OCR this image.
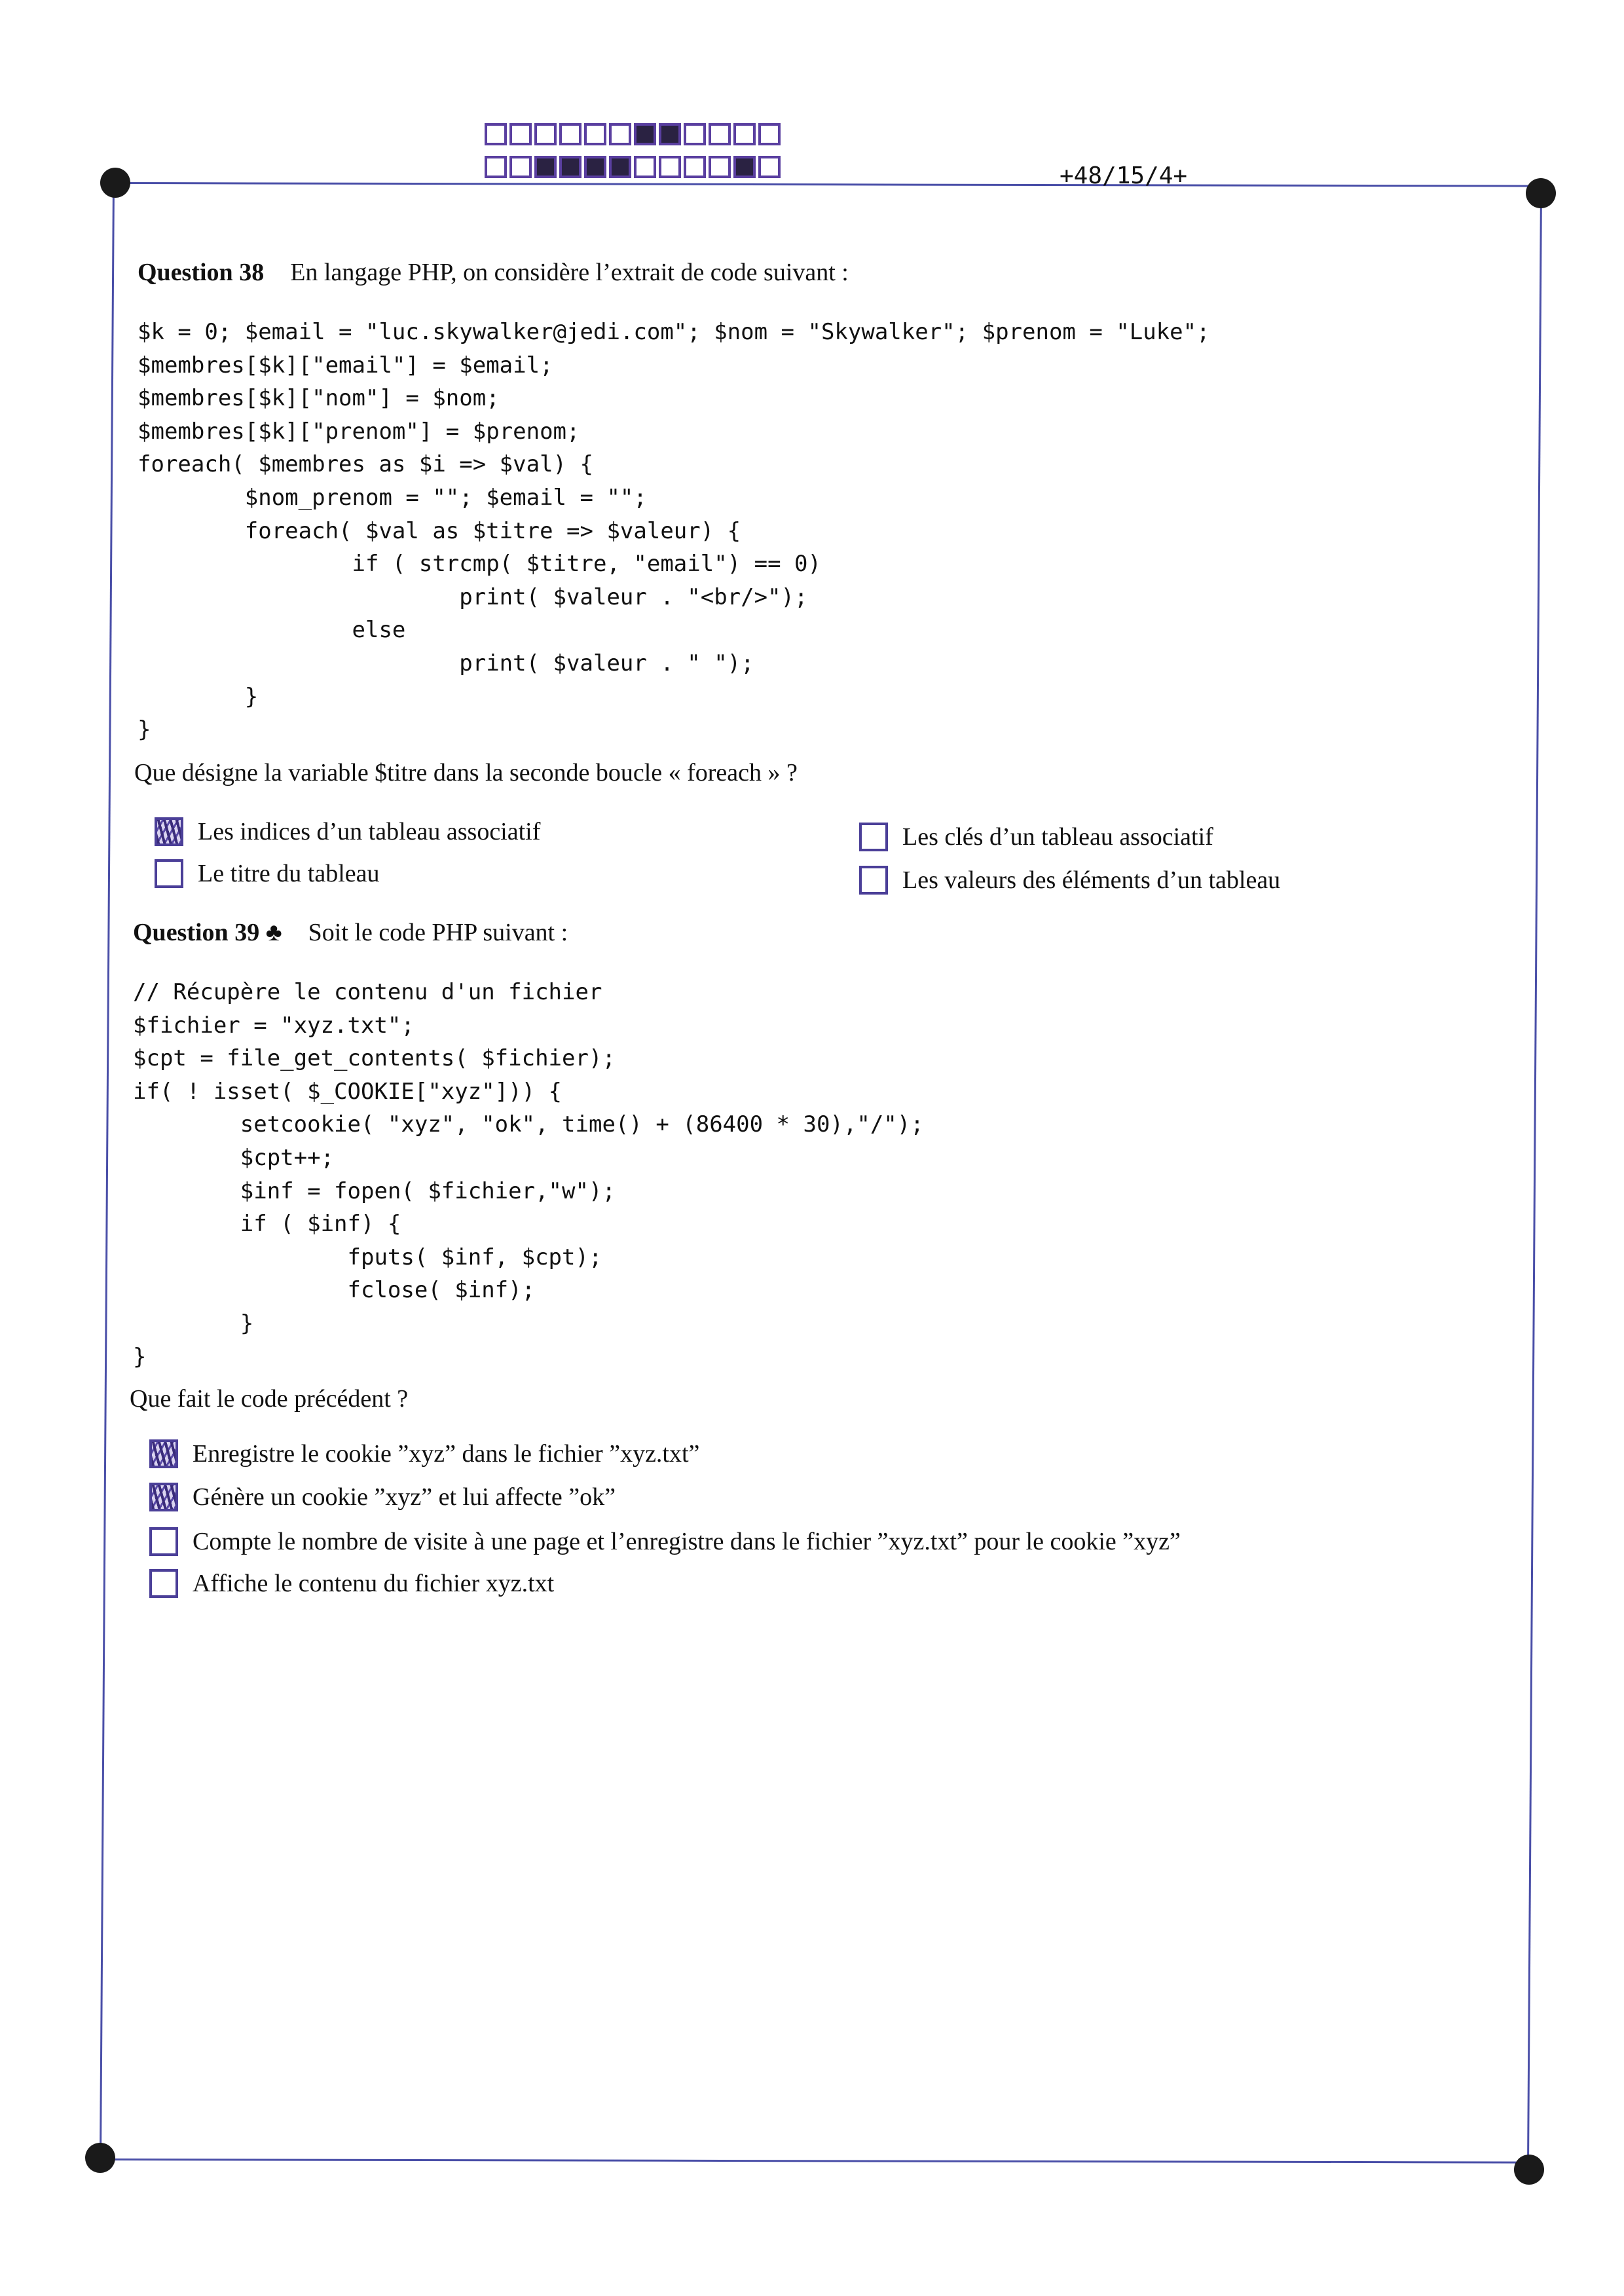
+48/15/4+
Question 38 En langage PHP, on considère l’extrait de code suivant :
$k = 0; $email = "luc.skywalker@jedi.com"; $nom = "Skywalker"; $prenom = "Luke";
$membres[$k]["email"] = $email;
$membres[$k]["nom"] = $nom;
$membres[$k]["prenom"] = $prenom;
foreach( $membres as $i => $val) {
$nom_prenom = ""; $email = "";
foreach( $val as $titre => $valeur) {
if ( strcmp( $titre, "email") == 0)
print( $valeur . "<br/>");
else
print( $valeur . " ");
}
}

Que désigne la variable $titre dans la seconde boucle « foreach » ?
Les indices d’un tableau associatif
Le titre du tableau
Les clés d’un tableau associatif
Les valeurs des éléments d’un tableau
Question 39 ♣ Soit le code PHP suivant :
// Récupère le contenu d'un fichier
$fichier = "xyz.txt";
$cpt = file_get_contents( $fichier);
if( ! isset( $_COOKIE["xyz"])) {
setcookie( "xyz", "ok", time() + (86400 * 30),"/");
$cpt++;
$inf = fopen( $fichier,"w");
if ( $inf) {
fputs( $inf, $cpt);
fclose( $inf);
}
}

Que fait le code précédent ?
Enregistre le cookie ”xyz” dans le fichier ”xyz.txt”
Génère un cookie ”xyz” et lui affecte ”ok”
Compte le nombre de visite à une page et l’enregistre dans le fichier ”xyz.txt” pour le cookie ”xyz”
Affiche le contenu du fichier xyz.txt
